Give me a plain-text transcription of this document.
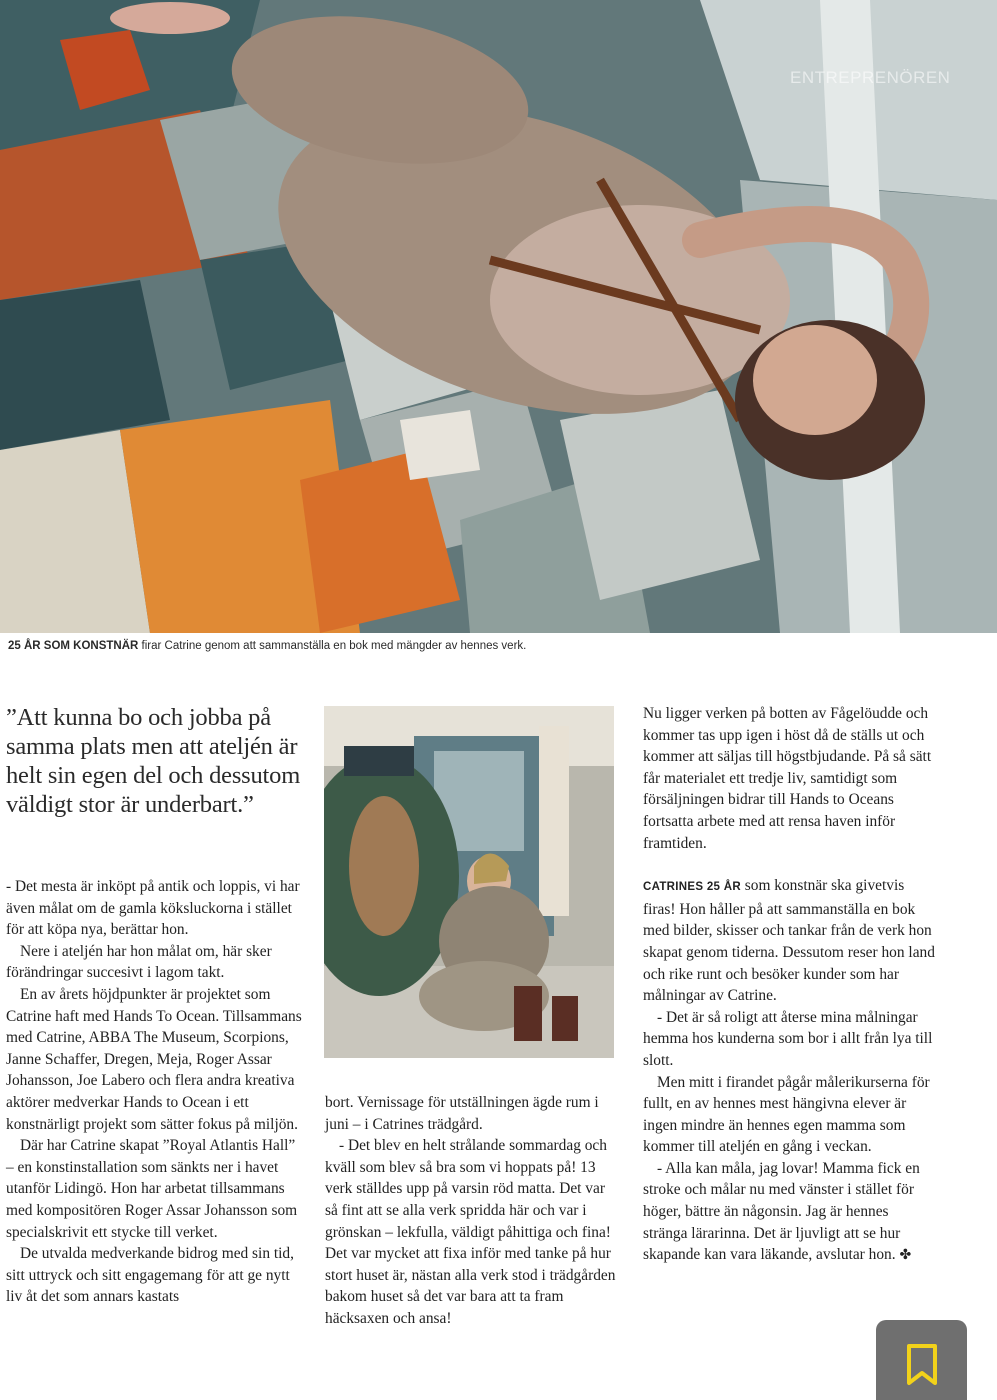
ENTREPRENÖREN
25 ÅR SOM KONSTNÄR firar Catrine genom att sammanställa en bok med mängder av hennes verk.
”Att kunna bo och jobba på samma plats men att ateljén är helt sin egen del och dessutom väldigt stor är underbart.”

- Det mesta är inköpt på antik och loppis, vi har även målat om de gamla köksluckorna i stället för att köpa nya, berättar hon.

Nere i ateljén har hon målat om, här sker förändringar succesivt i lagom takt.

En av årets höjdpunkter är projektet som Catrine haft med Hands To Ocean. Tillsammans med Catrine, ABBA The Museum, Scorpions, Janne Schaffer, Dregen, Meja, Roger Assar Johansson, Joe Labero och flera andra kreativa aktörer medverkar Hands to Ocean i ett konstnärligt projekt som sätter fokus på miljön.

Där har Catrine skapat ”Royal Atlantis Hall” – en konstinstallation som sänkts ner i havet utanför Lidingö. Hon har arbetat tillsammans med kompositören Roger Assar Johansson som specialskrivit ett stycke till verket.

De utvalda medverkande bidrog med sin tid, sitt uttryck och sitt engagemang för att ge nytt liv åt det som annars kastats

bort. Vernissage för utställningen ägde rum i juni – i Catrines trädgård.

- Det blev en helt strålande sommardag och kväll som blev så bra som vi hoppats på! 13 verk ställdes upp på varsin röd matta. Det var så fint att se alla verk spridda här och var i grönskan – lekfulla, väldigt påhittiga och fina! Det var mycket att fixa inför med tanke på hur stort huset är, nästan alla verk stod i trädgården bakom huset så det var bara att ta fram häcksaxen och ansa!

Nu ligger verken på botten av Fågelöudde och kommer tas upp igen i höst då de ställs ut och kommer att säljas till högstbjudande. På så sätt får materialet ett tredje liv, samtidigt som försäljningen bidrar till Hands to Oceans fortsatta arbete med att rensa haven inför framtiden.

CATRINES 25 ÅR som konstnär ska givetvis firas! Hon håller på att sammanställa en bok med bilder, skisser och tankar från de verk hon skapat genom tiderna. Dessutom reser hon land och rike runt och besöker kunder som har målningar av Catrine.

- Det är så roligt att återse mina målningar hemma hos kunderna som bor i allt från lya till slott.

Men mitt i firandet pågår målerikurserna för fullt, en av hennes mest hängivna elever är ingen mindre än hennes egen mamma som kommer till ateljén en gång i veckan.

- Alla kan måla, jag lovar! Mamma fick en stroke och målar nu med vänster i stället för höger, bättre än någonsin. Jag är hennes stränga lärarinna. Det är ljuvligt att se hur skapande kan vara läkande, avslutar hon. ✤
